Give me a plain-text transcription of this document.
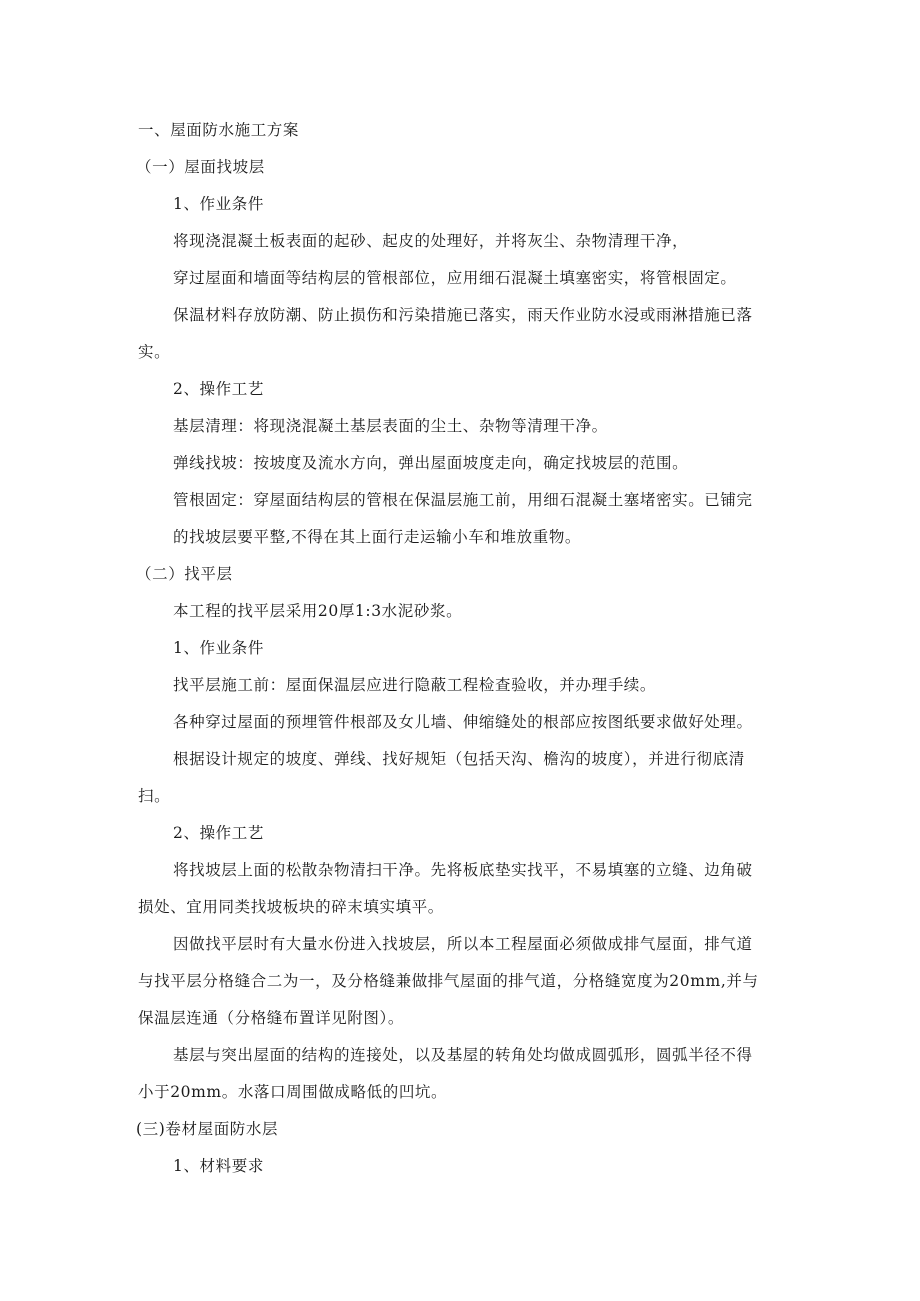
一、屋面防水施工方案
（一）屋面找坡层
1、作业条件
将现浇混凝土板表面的起砂、起皮的处理好，并将灰尘、杂物清理干净，
穿过屋面和墙面等结构层的管根部位，应用细石混凝土填塞密实，将管根固定。
保温材料存放防潮、防止损伤和污染措施已落实，雨天作业防水浸或雨淋措施已落
实。
2、操作工艺
基层清理：将现浇混凝土基层表面的尘土、杂物等清理干净。
弹线找坡：按坡度及流水方向，弹出屋面坡度走向，确定找坡层的范围。
管根固定：穿屋面结构层的管根在保温层施工前，用细石混凝土塞堵密实。已铺完
的找坡层要平整,不得在其上面行走运输小车和堆放重物。
（二）找平层
本工程的找平层采用20厚1:3水泥砂浆。
1、作业条件
找平层施工前：屋面保温层应进行隐蔽工程检查验收，并办理手续。
各种穿过屋面的预埋管件根部及女儿墙、伸缩缝处的根部应按图纸要求做好处理。
根据设计规定的坡度、弹线、找好规矩（包括天沟、檐沟的坡度），并进行彻底清
扫。
2、操作工艺
将找坡层上面的松散杂物清扫干净。先将板底垫实找平，不易填塞的立缝、边角破
损处、宜用同类找坡板块的碎末填实填平。
因做找平层时有大量水份进入找坡层，所以本工程屋面必须做成排气屋面，排气道
与找平层分格缝合二为一，及分格缝兼做排气屋面的排气道，分格缝宽度为20mm,并与
保温层连通（分格缝布置详见附图）。
基层与突出屋面的结构的连接处，以及基屋的转角处均做成圆弧形，圆弧半径不得
小于20mm。水落口周围做成略低的凹坑。
(三)卷材屋面防水层
1、材料要求
